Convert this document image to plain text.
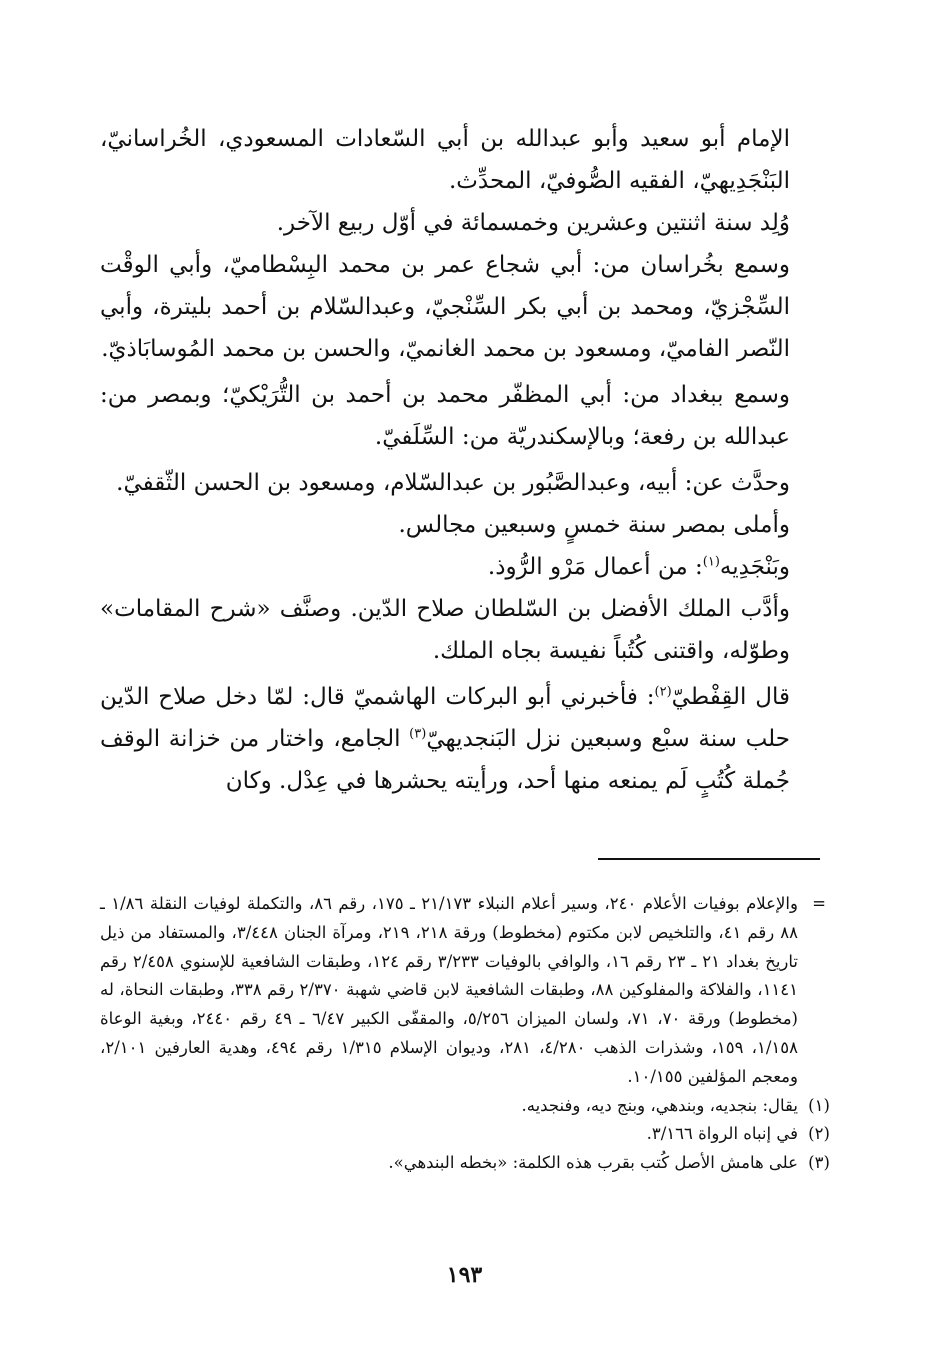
الإمام أبو سعيد وأبو عبدالله بن أبي السّعادات المسعودي، الخُراسانيّ، البَنْجَدِيهيّ، الفقيه الصُّوفيّ، المحدِّث.

وُلِد سنة اثنتين وعشرين وخمسمائة في أوّل ربيع الآخر.

وسمع بخُراسان من: أبي شجاع عمر بن محمد البِسْطاميّ، وأبي الوقْت السِّجْزيّ، ومحمد بن أبي بكر السِّنْجيّ، وعبدالسّلام بن أحمد بليترة، وأبي النّصر الفاميّ، ومسعود بن محمد الغانميّ، والحسن بن محمد المُوسابَاذيّ.

وسمع ببغداد من: أبي المظفّر محمد بن أحمد بن التُّرَيْكيّ؛ وبمصر من: عبدالله بن رفعة؛ وبالإسكندريّة من: السِّلَفيّ.

وحدَّث عن: أبيه، وعبدالصَّبُور بن عبدالسّلام، ومسعود بن الحسن الثّقفيّ.

وأملى بمصر سنة خمسٍ وسبعين مجالس.

وبَنْجَدِيه$^{(١)}$: من أعمال مَرْو الرُّوذ.

وأدَّب الملك الأفضل بن السّلطان صلاح الدّين. وصنَّف «شرح المقامات» وطوّله، واقتنى كُتُباً نفيسة بجاه الملك.

قال القِفْطيّ$^{(٢)}$: فأخبرني أبو البركات الهاشميّ قال: لمّا دخل صلاح الدّين حلب سنة سبْع وسبعين نزل البَنجديهيّ$^{(٣)}$ الجامع، واختار من خزانة الوقف جُملة كُتُبٍ لَم يمنعه منها أحد، ورأيته يحشرها في عِدْل. وكان

=
والإعلام بوفيات الأعلام ٢٤٠، وسير أعلام النبلاء ٢١/١٧٣ ـ ١٧٥، رقم ٨٦، والتكملة لوفيات النقلة ١/٨٦ ـ ٨٨ رقم ٤١، والتلخيص لابن مكتوم (مخطوط) ورقة ٢١٨، ٢١٩، ومرآة الجنان ٣/٤٤٨، والمستفاد من ذيل تاريخ بغداد ٢١ ـ ٢٣ رقم ١٦، والوافي بالوفيات ٣/٢٣٣ رقم ١٢٤، وطبقات الشافعية للإسنوي ٢/٤٥٨ رقم ١١٤١، والفلاكة والمفلوكين ٨٨، وطبقات الشافعية لابن قاضي شهبة ٢/٣٧٠ رقم ٣٣٨، وطبقات النحاة، له (مخطوط) ورقة ٧٠، ٧١، ولسان الميزان ٥/٢٥٦، والمقفّى الكبير ٦/٤٧ ـ ٤٩ رقم ٢٤٤٠، وبغية الوعاة ١/١٥٨، ١٥٩، وشذرات الذهب ٤/٢٨٠، ٢٨١، وديوان الإسلام ١/٣١٥ رقم ٤٩٤، وهدية العارفين ٢/١٠١، ومعجم المؤلفين ١٠/١٥٥.
(١)
يقال: بنجديه، وبندهي، وبنج ديه، وفنجديه.
(٢)
في إنباه الرواة ٣/١٦٦.
(٣)
على هامش الأصل كُتب بقرب هذه الكلمة: «بخطه البندهي».
١٩٣
